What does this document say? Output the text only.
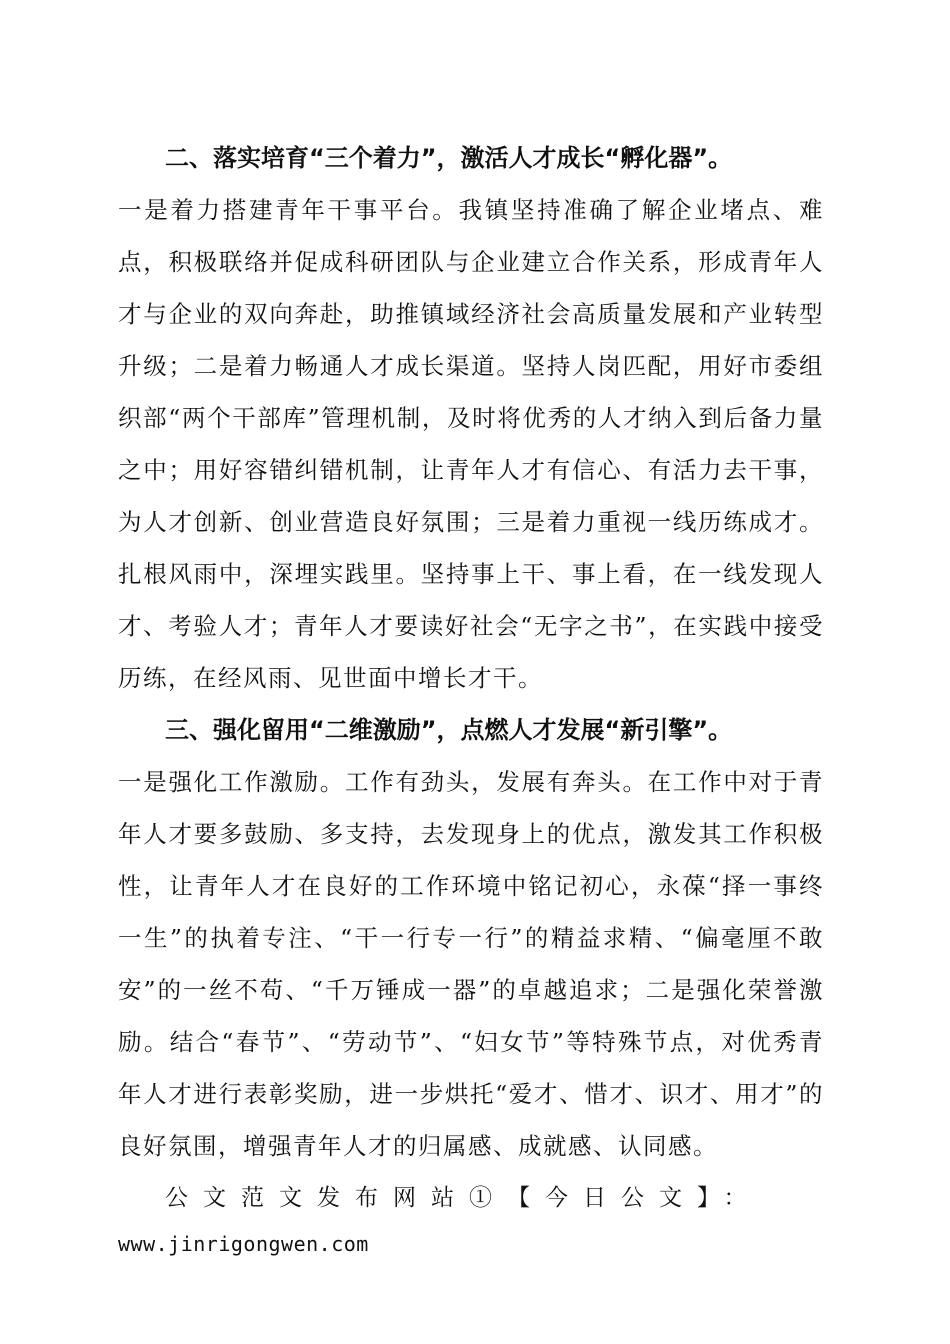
二、落实培育“三个着力”，激活人才成长“孵化器”。

一是着力搭建青年干事平台。我镇坚持准确了解企业堵点、难点，积极联络并促成科研团队与企业建立合作关系，形成青年人才与企业的双向奔赴，助推镇域经济社会高质量发展和产业转型升级；二是着力畅通人才成长渠道。坚持人岗匹配，用好市委组织部“两个干部库”管理机制，及时将优秀的人才纳入到后备力量之中；用好容错纠错机制，让青年人才有信心、有活力去干事，为人才创新、创业营造良好氛围；三是着力重视一线历练成才。扎根风雨中，深埋实践里。坚持事上干、事上看，在一线发现人才、考验人才；青年人才要读好社会“无字之书”，在实践中接受历练，在经风雨、见世面中增长才干。

三、强化留用“二维激励”，点燃人才发展“新引擎”。

一是强化工作激励。工作有劲头，发展有奔头。在工作中对于青年人才要多鼓励、多支持，去发现身上的优点，激发其工作积极性，让青年人才在良好的工作环境中铭记初心，永葆“择一事终一生”的执着专注、“干一行专一行”的精益求精、“偏毫厘不敢安”的一丝不苟、“千万锤成一器”的卓越追求；二是强化荣誉激励。结合“春节”、“劳动节”、“妇女节”等特殊节点，对优秀青年人才进行表彰奖励，进一步烘托“爱才、惜才、识才、用才”的良好氛围，增强青年人才的归属感、成就感、认同感。

公文范文发布网站①【今日公文】：

www.jinrigongwen.com
